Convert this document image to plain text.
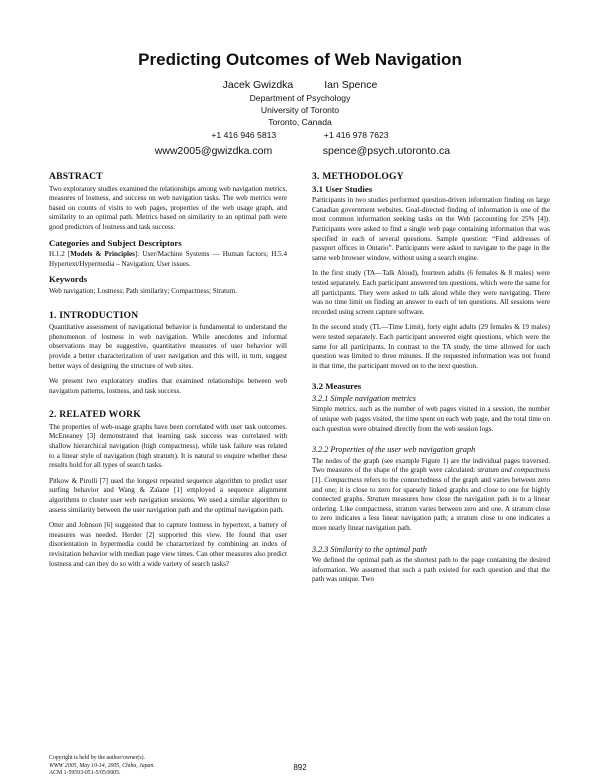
Predicting Outcomes of Web Navigation
Jacek Gwizdka	Ian Spence
Department of Psychology
University of Toronto
Toronto, Canada
+1 416 946 5813	+1 416 978 7623
www2005@gwizdka.com	spence@psych.utoronto.ca
ABSTRACT

Two exploratory studies examined the relationships among web navigation metrics, measures of lostness, and success on web navigation tasks. The web metrics were based on counts of visits to web pages, properties of the web usage graph, and similarity to an optimal path. Metrics based on similarity to an optimal path were good predictors of lostness and task success.

Categories and Subject Descriptors

H.1.2 [Models & Principles]: User/Machine Systems — Human factors; H.5.4 Hypertext/Hypermedia – Navigation; User issues.

Keywords

Web navigation; Lostness; Path similarity; Compactness; Stratum.

1. INTRODUCTION

Quantitative assessment of navigational behavior is fundamental to understand the phenomenon of lostness in web navigation. While anecdotes and informal observations may be suggestive, quantitative measures of user behavior will provide a better characterization of user navigation and this will, in turn, suggest better ways of designing the structure of web sites.

We present two exploratory studies that examined relationships between web navigation patterns, lostness, and task success.

2. RELATED WORK

The properties of web-usage graphs have been correlated with user task outcomes. McEneaney [3] demonstrated that learning task success was correlated with shallow hierarchical navigation (high compactness), while task failure was related to a linear style of navigation (high stratum). It is natural to enquire whether these results hold for all types of search tasks.

Pitkow & Pirolli [7] used the longest repeated sequence algorithm to predict user surfing behavior and Wang & Zaïane [1] employed a sequence alignment algorithms to cluster user web navigation sessions. We used a similar algorithm to assess similarity between the user navigation path and the optimal navigation path.

Otter and Johnson [6] suggested that to capture lostness in hypertext, a battery of measures was needed. Herder [2] supported this view. He found that user disorientation in hypermedia could be characterized by combining an index of revisitation behavior with median page view times. Can other measures also predict lostness and can they do so with a wide variety of search tasks?

Copyright is held by the author/owner(s).
WWW 2005, May 10-14, 2005, Chiba, Japan.
ACM 1-59593-051-5/05/0005.
3. METHODOLOGY
3.1 User Studies

Participants in two studies performed question-driven information finding on large Canadian government websites. Goal-directed finding of information is one of the most common information seeking tasks on the Web (accounting for 25% [4]). Participants were asked to find a single web page containing information that was specified in each of several questions. Sample question: “Find addresses of passport offices in Ontario”. Participants were asked to navigate to the page in the same web browser window, without using a search engine.

In the first study (TA—Talk Aloud), fourteen adults (6 females & 8 males) were tested separately. Each participant answered ten questions, which were the same for all participants. They were asked to talk aloud while they were navigating. There was no time limit on finding an answer to each of ten questions. All sessions were recorded using screen capture software.

In the second study (TL—Time Limit), forty eight adults (29 females & 19 males) were tested separately. Each participant answered eight questions, which were the same for all participants. In contrast to the TA study, the time allowed for each question was limited to three minutes. If the requested information was not found in that time, the participant moved on to the next question.

3.2 Measures
3.2.1 Simple navigation metrics

Simple metrics, such as the number of web pages visited in a session, the number of unique web pages visited, the time spent on each web page, and the total time on each question were obtained directly from the web session logs.

3.2.2 Properties of the user web navigation graph

The nodes of the graph (see example Figure 1) are the individual pages traversed. Two measures of the shape of the graph were calculated: stratum and compactness [1]. Compactness refers to the connectedness of the graph and varies between zero and one; it is close to zero for sparsely linked graphs and close to one for highly connected graphs. Stratum measures how close the navigation path is to a linear ordering. Like compactness, stratum varies between zero and one. A stratum close to zero indicates a less linear navigation path; a stratum close to one indicates a more nearly linear navigation path.

3.2.3 Similarity to the optimal path

We defined the optimal path as the shortest path to the page containing the desired information. We assumed that such a path existed for each question and that the path was unique. Two

892
